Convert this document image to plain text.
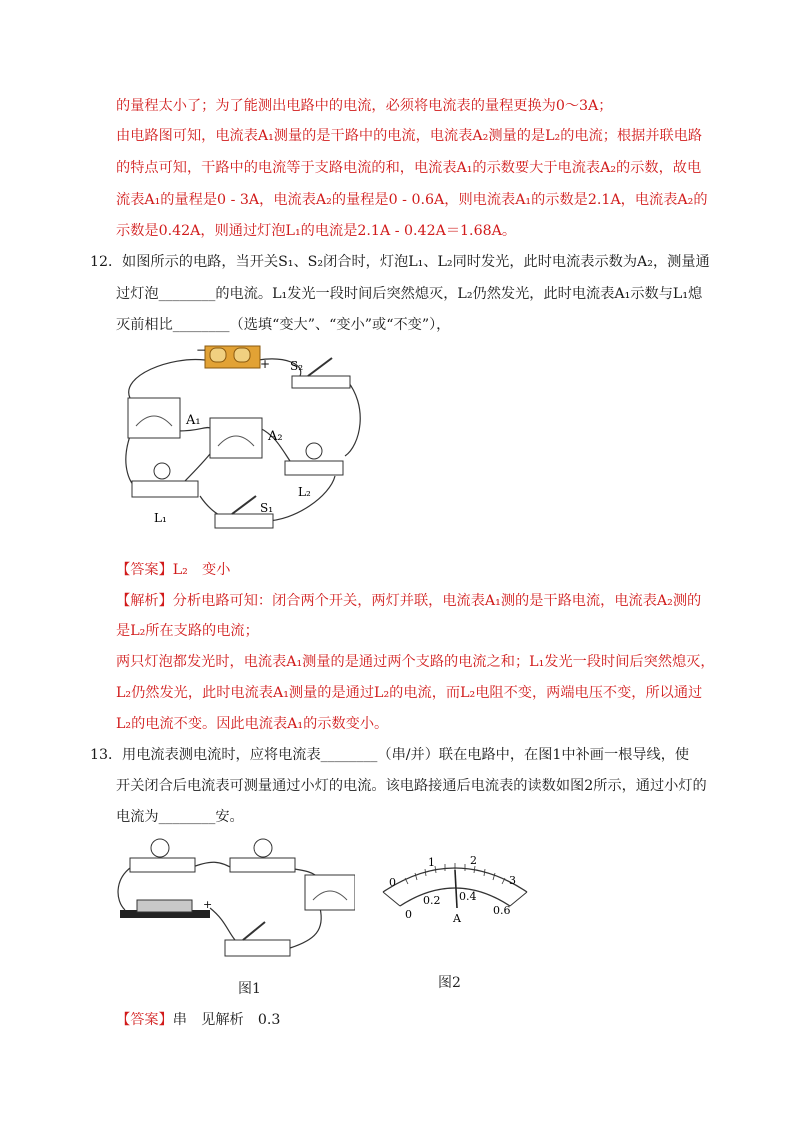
的量程太小了；为了能测出电路中的电流，必须将电流表的量程更换为0～3A；
由电路图可知，电流表A₁测量的是干路中的电流，电流表A₂测量的是L₂的电流；根据并联电路
的特点可知，干路中的电流等于支路电流的和，电流表A₁的示数要大于电流表A₂的示数，故电
流表A₁的量程是0 - 3A，电流表A₂的量程是0 - 0.6A，则电流表A₁的示数是2.1A，电流表A₂的
示数是0.42A，则通过灯泡L₁的电流是2.1A - 0.42A＝1.68A。
12． 如图所示的电路，当开关S₁、S₂闭合时，灯泡L₁、L₂同时发光，此时电流表示数为A₂，测量通
过灯泡________的电流。L₁发光一段时间后突然熄灭，L₂仍然发光，此时电流表A₁示数与L₁熄
灭前相比________（选填“变大”、“变小”或“不变”），
−
+ S₂
A₁
A₂
L₂
L₁
S₁
【答案】L₂　变小
【解析】分析电路可知：闭合两个开关，两灯并联，电流表A₁测的是干路电流，电流表A₂测的
是L₂所在支路的电流；
两只灯泡都发光时，电流表A₁测量的是通过两个支路的电流之和；L₁发光一段时间后突然熄灭，
L₂仍然发光，此时电流表A₁测量的是通过L₂的电流，而L₂电阻不变，两端电压不变，所以通过
L₂的电流不变。因此电流表A₁的示数变小。
13． 用电流表测电流时，应将电流表________（串/并）联在电路中，在图1中补画一根导线，使
开关闭合后电流表可测量通过小灯的电流。该电路接通后电流表的读数如图2所示，通过小灯的
电流为________安。
+
图1
0
1	2
3
0
0.2 0.4
0.6
A
图2
【答案】串　见解析　0.3
